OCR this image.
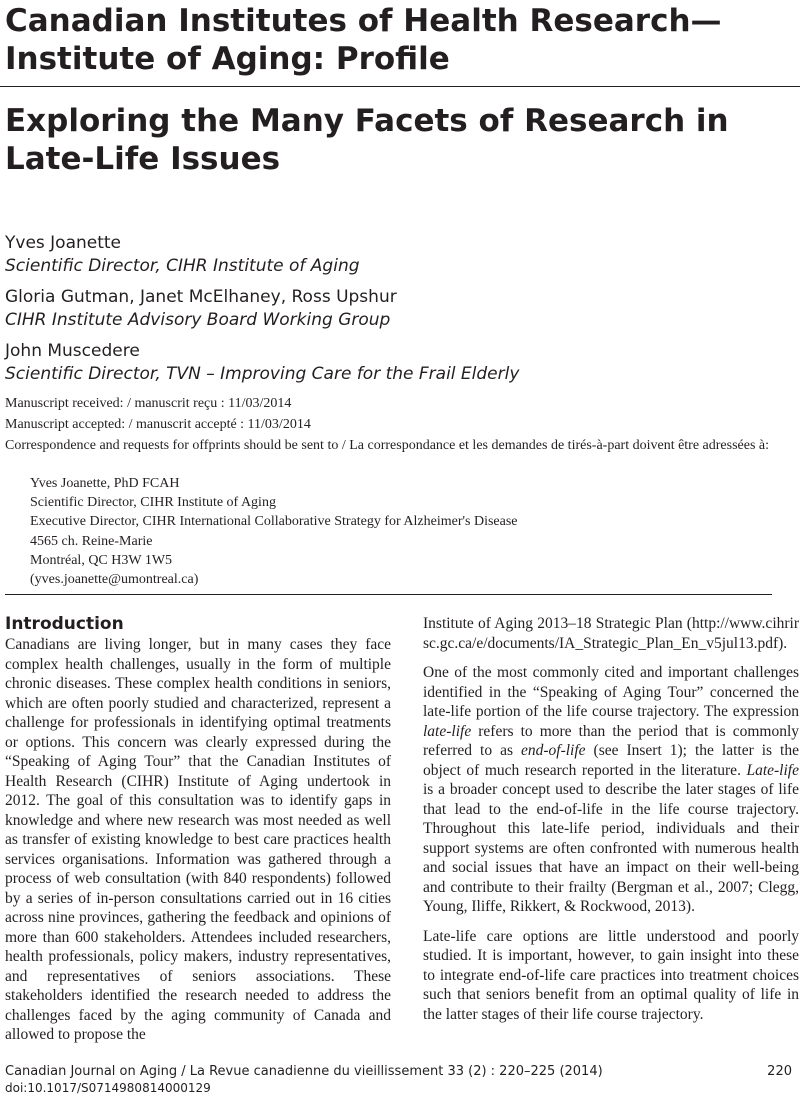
Canadian Institutes of Health Research—Institute of Aging: Profile
Exploring the Many Facets of Research in Late-Life Issues
Yves Joanette
Scientific Director, CIHR Institute of Aging
Gloria Gutman, Janet McElhaney, Ross Upshur
CIHR Institute Advisory Board Working Group
John Muscedere
Scientific Director, TVN – Improving Care for the Frail Elderly
Manuscript received: / manuscrit reçu : 11/03/2014
Manuscript accepted: / manuscrit accepté : 11/03/2014
Correspondence and requests for offprints should be sent to / La correspondance et les demandes de tirés-à-part doivent être adressées à:
Yves Joanette, PhD FCAH
Scientific Director, CIHR Institute of Aging
Executive Director, CIHR International Collaborative Strategy for Alzheimer's Disease
4565 ch. Reine-Marie
Montréal, QC H3W 1W5
(yves.joanette@umontreal.ca)
Introduction

Canadians are living longer, but in many cases they face complex health challenges, usually in the form of multiple chronic diseases. These complex health conditions in seniors, which are often poorly studied and characterized, represent a challenge for professionals in identifying optimal treatments or options. This concern was clearly expressed during the “Speaking of Aging Tour” that the Canadian Institutes of Health Research (CIHR) Institute of Aging undertook in 2012. The goal of this consultation was to identify gaps in knowledge and where new research was most needed as well as transfer of existing knowledge to best care practices health services organisations. Information was gathered through a process of web consultation (with 840 respondents) followed by a series of in-person consultations carried out in 16 cities across nine provinces, gathering the feedback and opinions of more than 600 stakeholders. Attendees included researchers, health professionals, policy makers, industry representatives, and representatives of seniors associations. These stakeholders identified the research needed to address the challenges faced by the aging community of Canada and allowed to propose the

Institute of Aging 2013–18 Strategic Plan (http://www.cihrirsc.gc.ca/e/documents/IA_Strategic_Plan_En_v5jul13.pdf).

One of the most commonly cited and important challenges identified in the “Speaking of Aging Tour” concerned the late-life portion of the life course trajectory. The expression late-life refers to more than the period that is commonly referred to as end-of-life (see Insert 1); the latter is the object of much research reported in the literature. Late-life is a broader concept used to describe the later stages of life that lead to the end-of-life in the life course trajectory. Throughout this late-life period, individuals and their support systems are often confronted with numerous health and social issues that have an impact on their well-being and contribute to their frailty (Bergman et al., 2007; Clegg, Young, Iliffe, Rikkert, & Rockwood, 2013).

Late-life care options are little understood and poorly studied. It is important, however, to gain insight into these to integrate end-of-life care practices into treatment choices such that seniors benefit from an optimal quality of life in the latter stages of their life course trajectory.

Canadian Journal on Aging / La Revue canadienne du vieillissement 33 (2) : 220–225 (2014)	220
doi:10.1017/S0714980814000129
